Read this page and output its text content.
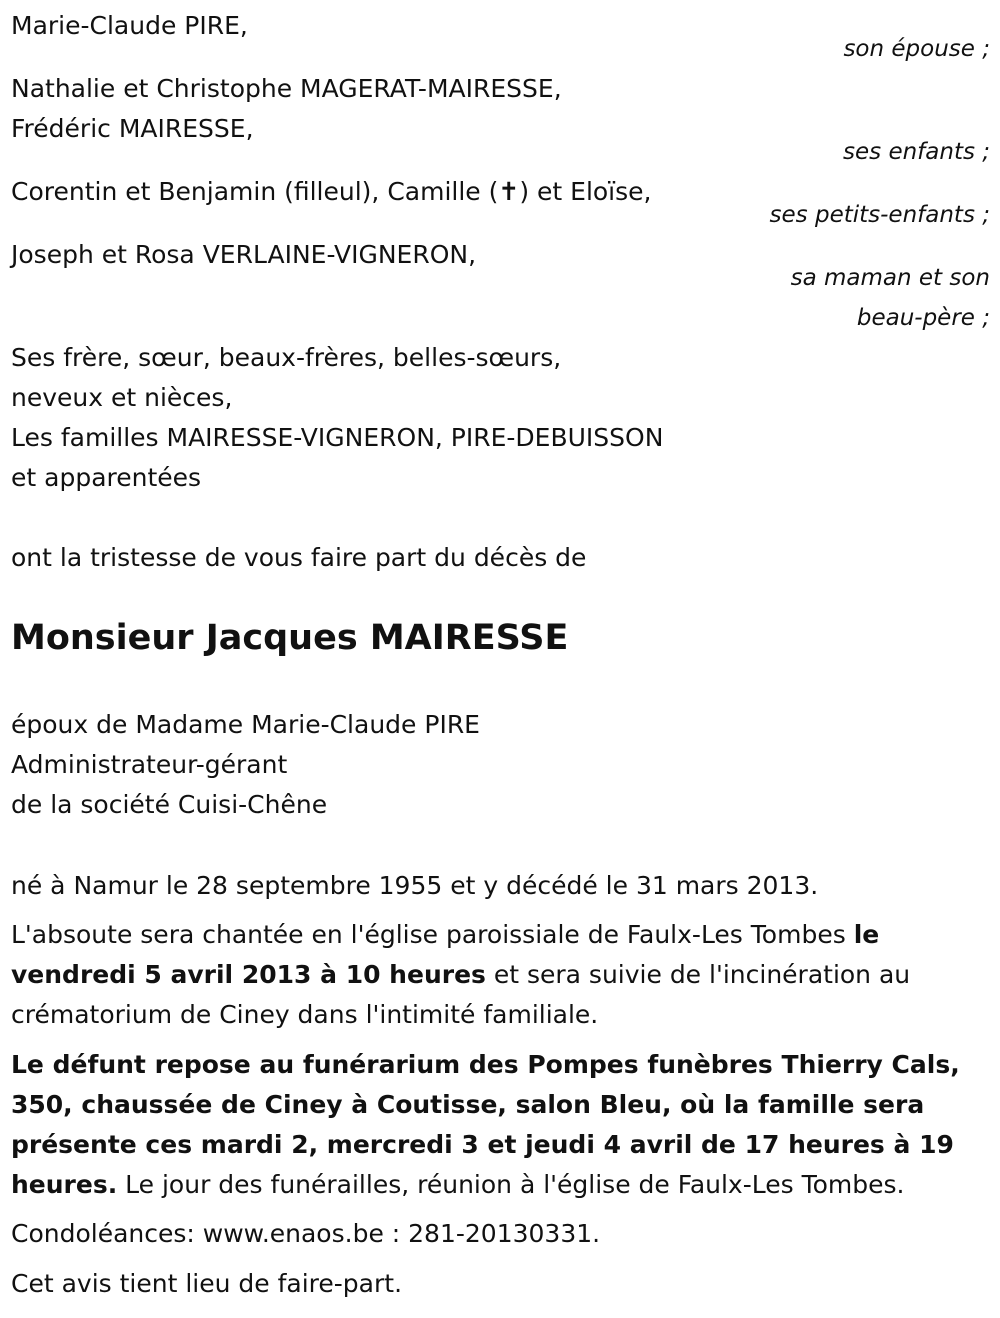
Marie-Claude PIRE,
son épouse ;
Nathalie et Christophe MAGERAT-MAIRESSE,
Frédéric MAIRESSE,
ses enfants ;
Corentin et Benjamin (filleul), Camille (✝) et Eloïse,
ses petits-enfants ;
Joseph et Rosa VERLAINE-VIGNERON,
sa maman et son
beau-père ;
Ses frère, sœur, beaux-frères, belles-sœurs,
neveux et nièces,
Les familles MAIRESSE-VIGNERON, PIRE-DEBUISSON
et apparentées
ont la tristesse de vous faire part du décès de
Monsieur Jacques MAIRESSE
époux de Madame Marie-Claude PIRE
Administrateur-gérant
de la société Cuisi-Chêne
né à Namur le 28 septembre 1955 et y décédé le 31 mars 2013.
L'absoute sera chantée en l'église paroissiale de Faulx-Les Tombes le
vendredi 5 avril 2013 à 10 heures et sera suivie de l'incinération au
crématorium de Ciney dans l'intimité familiale.
Le défunt repose au funérarium des Pompes funèbres Thierry Cals,
350, chaussée de Ciney à Coutisse, salon Bleu, où la famille sera
présente ces mardi 2, mercredi 3 et jeudi 4 avril de 17 heures à 19
heures. Le jour des funérailles, réunion à l'église de Faulx-Les Tombes.
Condoléances: www.enaos.be : 281-20130331.
Cet avis tient lieu de faire-part.
